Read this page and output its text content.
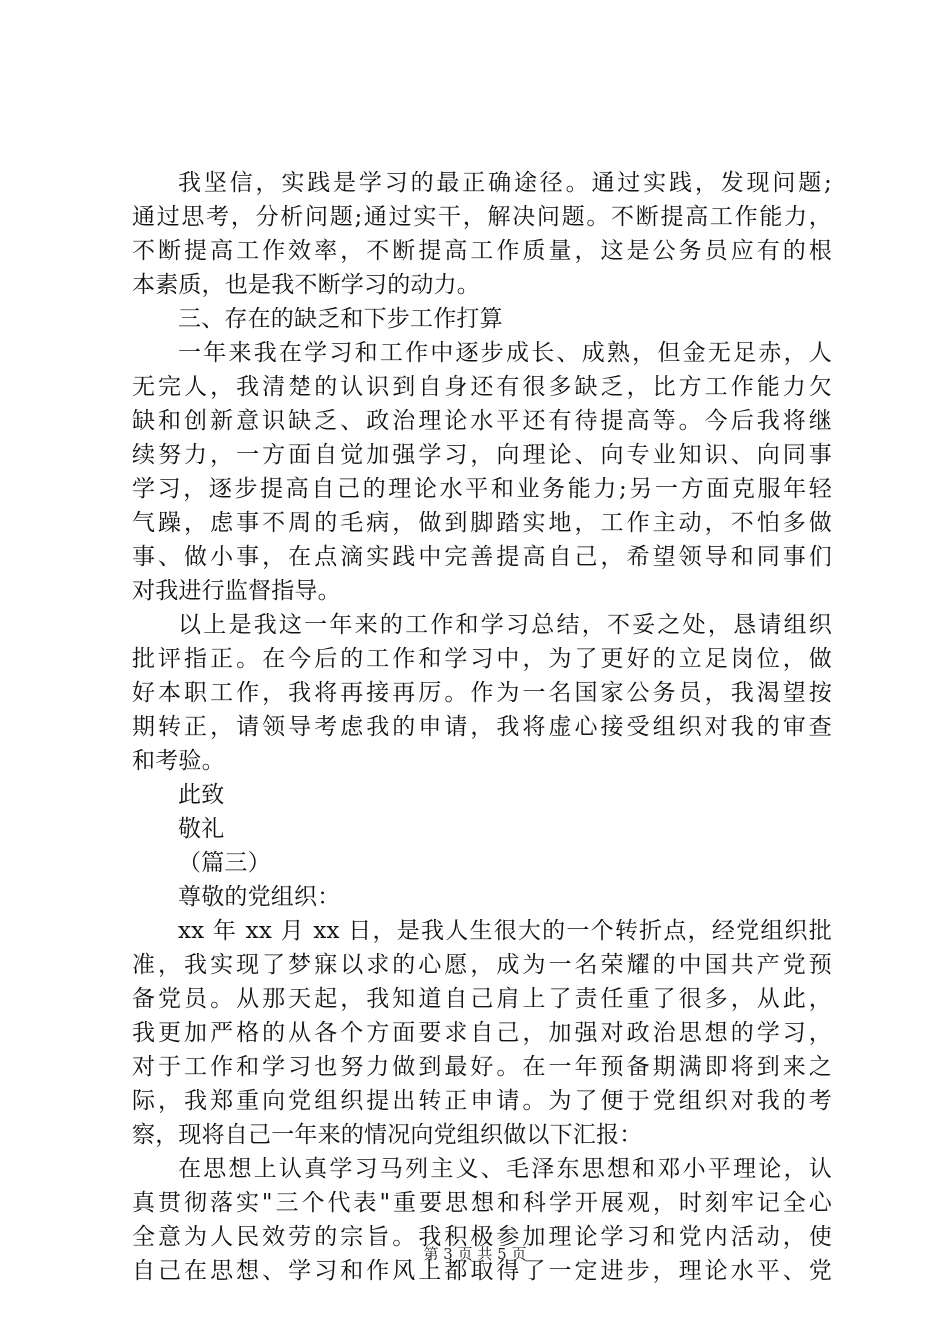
我坚信，实践是学习的最正确途径。通过实践，发现问题;
通过思考，分析问题;通过实干，解决问题。不断提高工作能力，
不断提高工作效率，不断提高工作质量，这是公务员应有的根
本素质，也是我不断学习的动力。
三、存在的缺乏和下步工作打算
一年来我在学习和工作中逐步成长、成熟，但金无足赤，人
无完人，我清楚的认识到自身还有很多缺乏，比方工作能力欠
缺和创新意识缺乏、政治理论水平还有待提高等。今后我将继
续努力，一方面自觉加强学习，向理论、向专业知识、向同事
学习，逐步提高自己的理论水平和业务能力;另一方面克服年轻
气躁，虑事不周的毛病，做到脚踏实地，工作主动，不怕多做
事、做小事，在点滴实践中完善提高自己，希望领导和同事们
对我进行监督指导。
以上是我这一年来的工作和学习总结，不妥之处，恳请组织
批评指正。在今后的工作和学习中，为了更好的立足岗位，做
好本职工作，我将再接再厉。作为一名国家公务员，我渴望按
期转正，请领导考虑我的申请，我将虚心接受组织对我的审查
和考验。
此致
敬礼
（篇三）
尊敬的党组织：
xx 年 xx 月 xx 日，是我人生很大的一个转折点，经党组织批
准，我实现了梦寐以求的心愿，成为一名荣耀的中国共产党预
备党员。从那天起，我知道自己肩上了责任重了很多，从此，
我更加严格的从各个方面要求自己，加强对政治思想的学习，
对于工作和学习也努力做到最好。在一年预备期满即将到来之
际，我郑重向党组织提出转正申请。为了便于党组织对我的考
察，现将自己一年来的情况向党组织做以下汇报：
在思想上认真学习马列主义、毛泽东思想和邓小平理论，认
真贯彻落实"三个代表"重要思想和科学开展观，时刻牢记全心
全意为人民效劳的宗旨。我积极参加理论学习和党内活动，使
自己在思想、学习和作风上都取得了一定进步，理论水平、党
第 3 页 共 5 页
